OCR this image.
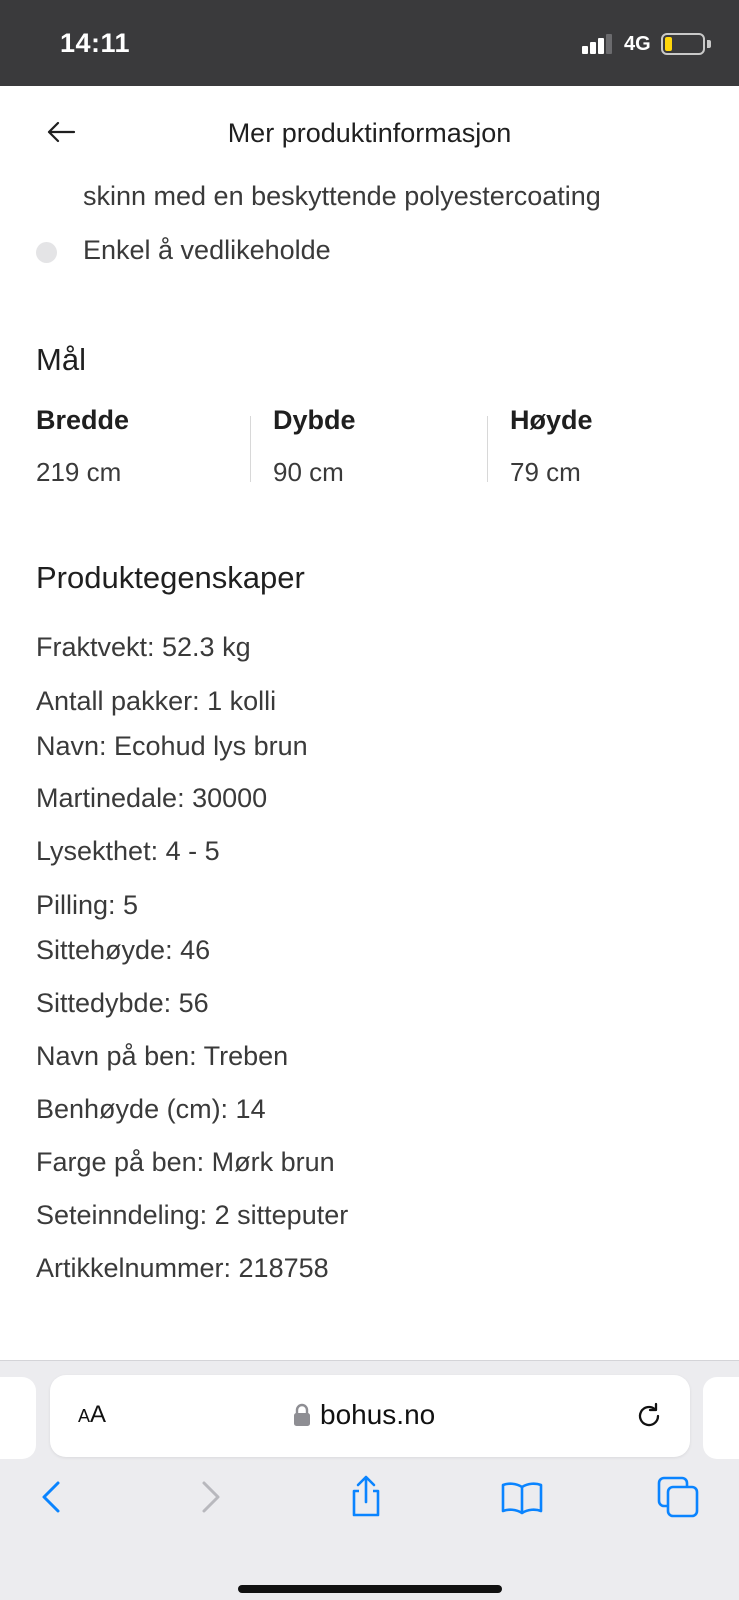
14:11	4G
Mer produktinformasjon
skinn med en beskyttende polyestercoating
Enkel å vedlikeholde
Mål
Bredde
219 cm
Dybde
90 cm
Høyde
79 cm
Produktegenskaper
Fraktvekt: 52.3 kg
Antall pakker: 1 kolli
Navn: Ecohud lys brun
Martinedale: 30000
Lysekthet: 4 - 5
Pilling: 5
Sittehøyde: 46
Sittedybde: 56
Navn på ben: Treben
Benhøyde (cm): 14
Farge på ben: Mørk brun
Seteinndeling: 2 sitteputer
Artikkelnummer: 218758
AA	bohus.no
